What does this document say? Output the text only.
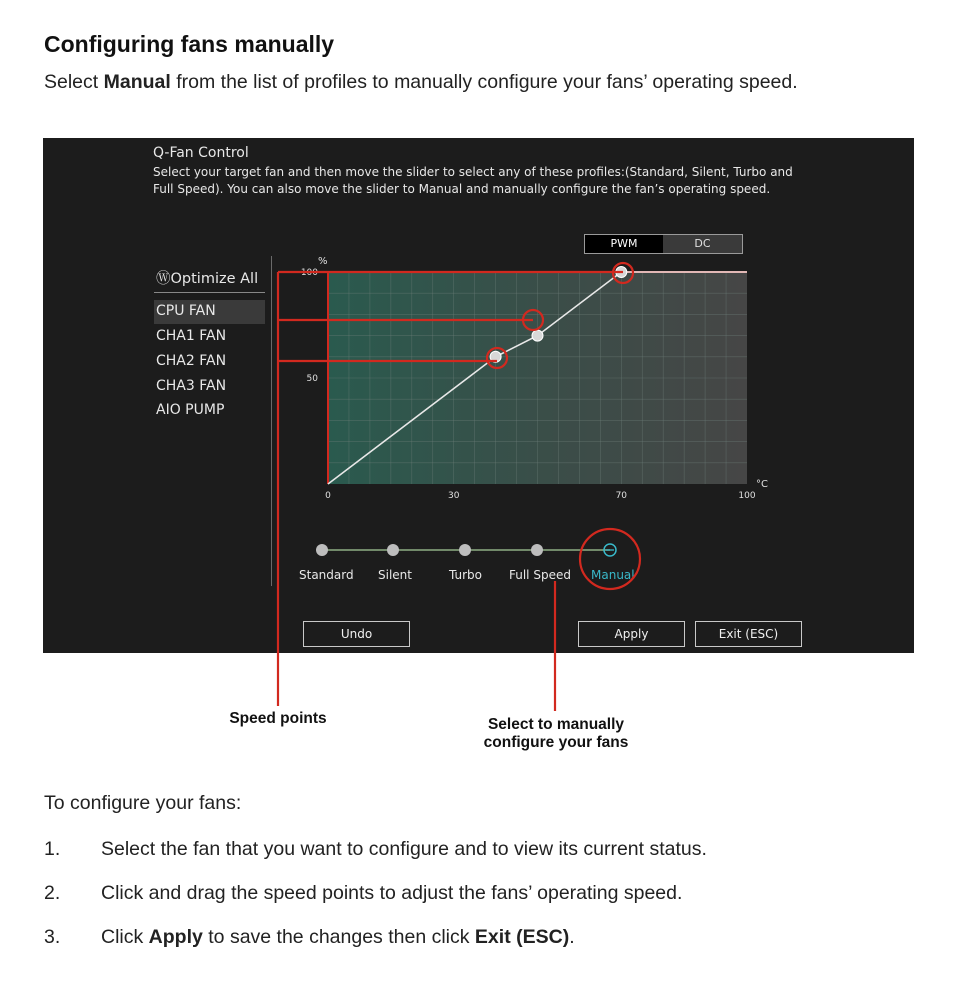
Configuring fans manually
Select Manual from the list of profiles to manually configure your fans’ operating speed.
Q-Fan Control
Select your target fan and then move the slider to select any of these profiles:(Standard, Silent, Turbo and
Full Speed). You can also move the slider to Manual and manually configure the fan’s operating speed.
PWM	DC
ⓌOptimize All
CPU FAN
CHA1 FAN
CHA2 FAN
CHA3 FAN
AIO PUMP
0	30	70	100
100
50
%
°C
Standard Silent	Turbo Full Speed Manual
Undo	Apply	Exit (ESC)
Speed points	Select to manually
configure your fans
To configure your fans:
1. Select the fan that you want to configure and to view its current status.
2. Click and drag the speed points to adjust the fans’ operating speed.
3. Click Apply to save the changes then click Exit (ESC).
